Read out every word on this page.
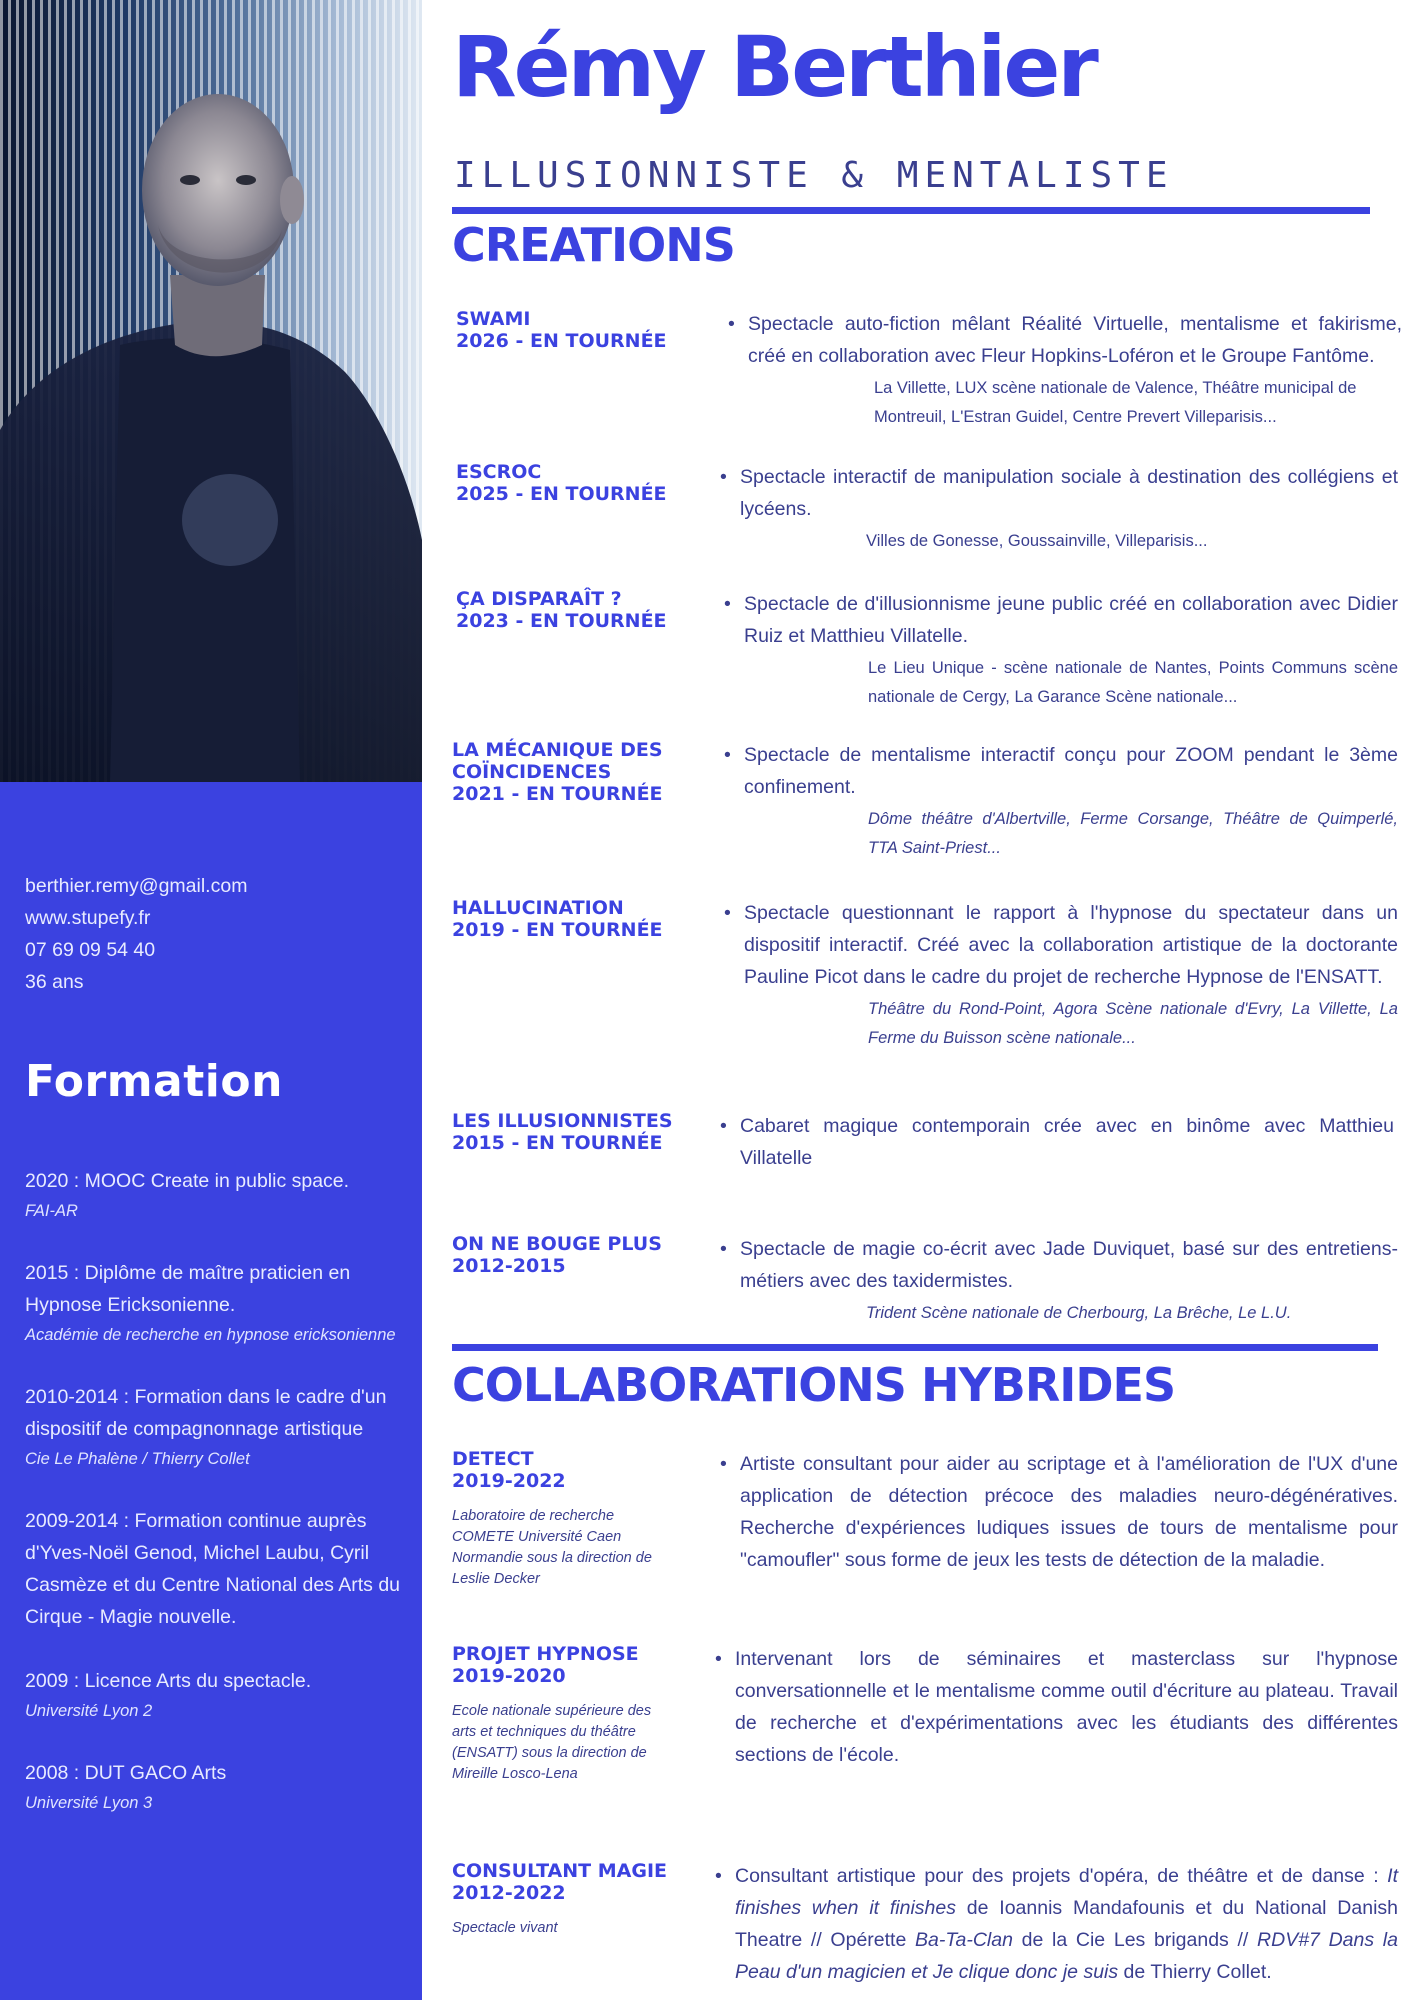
berthier.remy@gmail.com
www.stupefy.fr
07 69 09 54 40
36 ans
Formation
2020 : MOOC Create in public space.
FAI-AR
2015 : Diplôme de maître praticien en Hypnose Ericksonienne.
Académie de recherche en hypnose ericksonienne
2010-2014 : Formation dans le cadre d'un dispositif de compagnonnage artistique
Cie Le Phalène / Thierry Collet
2009-2014 : Formation continue auprès d'Yves-Noël Genod, Michel Laubu, Cyril Casmèze et du Centre National des Arts du Cirque - Magie nouvelle.
2009 : Licence Arts du spectacle.
Université Lyon 2
2008 : DUT GACO Arts
Université Lyon 3
Rémy Berthier
ILLUSIONNISTE & MENTALISTE
CREATIONS
SWAMI
2026 - EN TOURNÉE
• Spectacle auto-fiction mêlant Réalité Virtuelle, mentalisme et fakirisme, créé en collaboration avec Fleur Hopkins-Loféron et le Groupe Fantôme.
La Villette, LUX scène nationale de Valence, Théâtre municipal de Montreuil, L'Estran Guidel, Centre Prevert Villeparisis...
ESCROC
2025 - EN TOURNÉE
• Spectacle interactif de manipulation sociale à destination des collégiens et lycéens.
Villes de Gonesse, Goussainville, Villeparisis...
ÇA DISPARAÎT ?
2023 - EN TOURNÉE
• Spectacle de d'illusionnisme jeune public créé en collaboration avec Didier Ruiz et Matthieu Villatelle.
Le Lieu Unique - scène nationale de Nantes, Points Communs scène nationale de Cergy, La Garance Scène nationale...
LA MÉCANIQUE DES
COÏNCIDENCES
2021 - EN TOURNÉE
• Spectacle de mentalisme interactif conçu pour ZOOM pendant le 3ème confinement.
Dôme théâtre d'Albertville, Ferme Corsange, Théâtre de Quimperlé, TTA Saint-Priest...
HALLUCINATION
2019 - EN TOURNÉE
• Spectacle questionnant le rapport à l'hypnose du spectateur dans un dispositif interactif. Créé avec la collaboration artistique de la doctorante Pauline Picot dans le cadre du projet de recherche Hypnose de l'ENSATT.
Théâtre du Rond-Point, Agora Scène nationale d'Evry, La Villette, La Ferme du Buisson scène nationale...
LES ILLUSIONNISTES
2015 - EN TOURNÉE
• Cabaret magique contemporain crée avec en binôme avec Matthieu Villatelle
ON NE BOUGE PLUS
2012-2015
• Spectacle de magie co-écrit avec Jade Duviquet, basé sur des entretiens-métiers avec des taxidermistes.
Trident Scène nationale de Cherbourg, La Brêche, Le L.U.
COLLABORATIONS HYBRIDES
DETECT
2019-2022
Laboratoire de recherche COMETE Université Caen Normandie sous la direction de Leslie Decker
• Artiste consultant pour aider au scriptage et à l'amélioration de l'UX d'une application de détection précoce des maladies neuro-dégénératives. Recherche d'expériences ludiques issues de tours de mentalisme pour "camoufler" sous forme de jeux les tests de détection de la maladie.
PROJET HYPNOSE
2019-2020
Ecole nationale supérieure des arts et techniques du théâtre (ENSATT) sous la direction de Mireille Losco-Lena
• Intervenant lors de séminaires et masterclass sur l'hypnose conversationnelle et le mentalisme comme outil d'écriture au plateau. Travail de recherche et d'expérimentations avec les étudiants des différentes sections de l'école.
CONSULTANT MAGIE
2012-2022
Spectacle vivant
• Consultant artistique pour des projets d'opéra, de théâtre et de danse : It finishes when it finishes de Ioannis Mandafounis et du National Danish Theatre // Opérette Ba-Ta-Clan de la Cie Les brigands // RDV#7 Dans la Peau d'un magicien et Je clique donc je suis de Thierry Collet.
